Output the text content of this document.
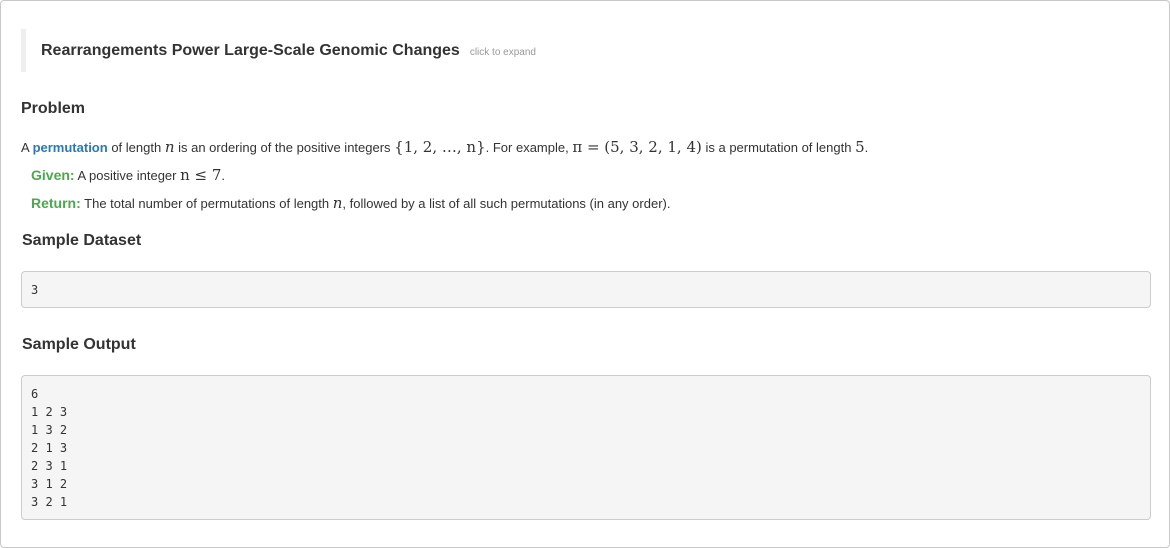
Rearrangements Power Large-Scale Genomic Changes click to expand
Problem
A permutation of length n is an ordering of the positive integers {1, 2, …, n}. For example, π = (5, 3, 2, 1, 4) is a permutation of length 5.
Given: A positive integer n ≤ 7.
Return: The total number of permutations of length n, followed by a list of all such permutations (in any order).
Sample Dataset
3
Sample Output
6
1 2 3
1 3 2
2 1 3
2 3 1
3 1 2
3 2 1
